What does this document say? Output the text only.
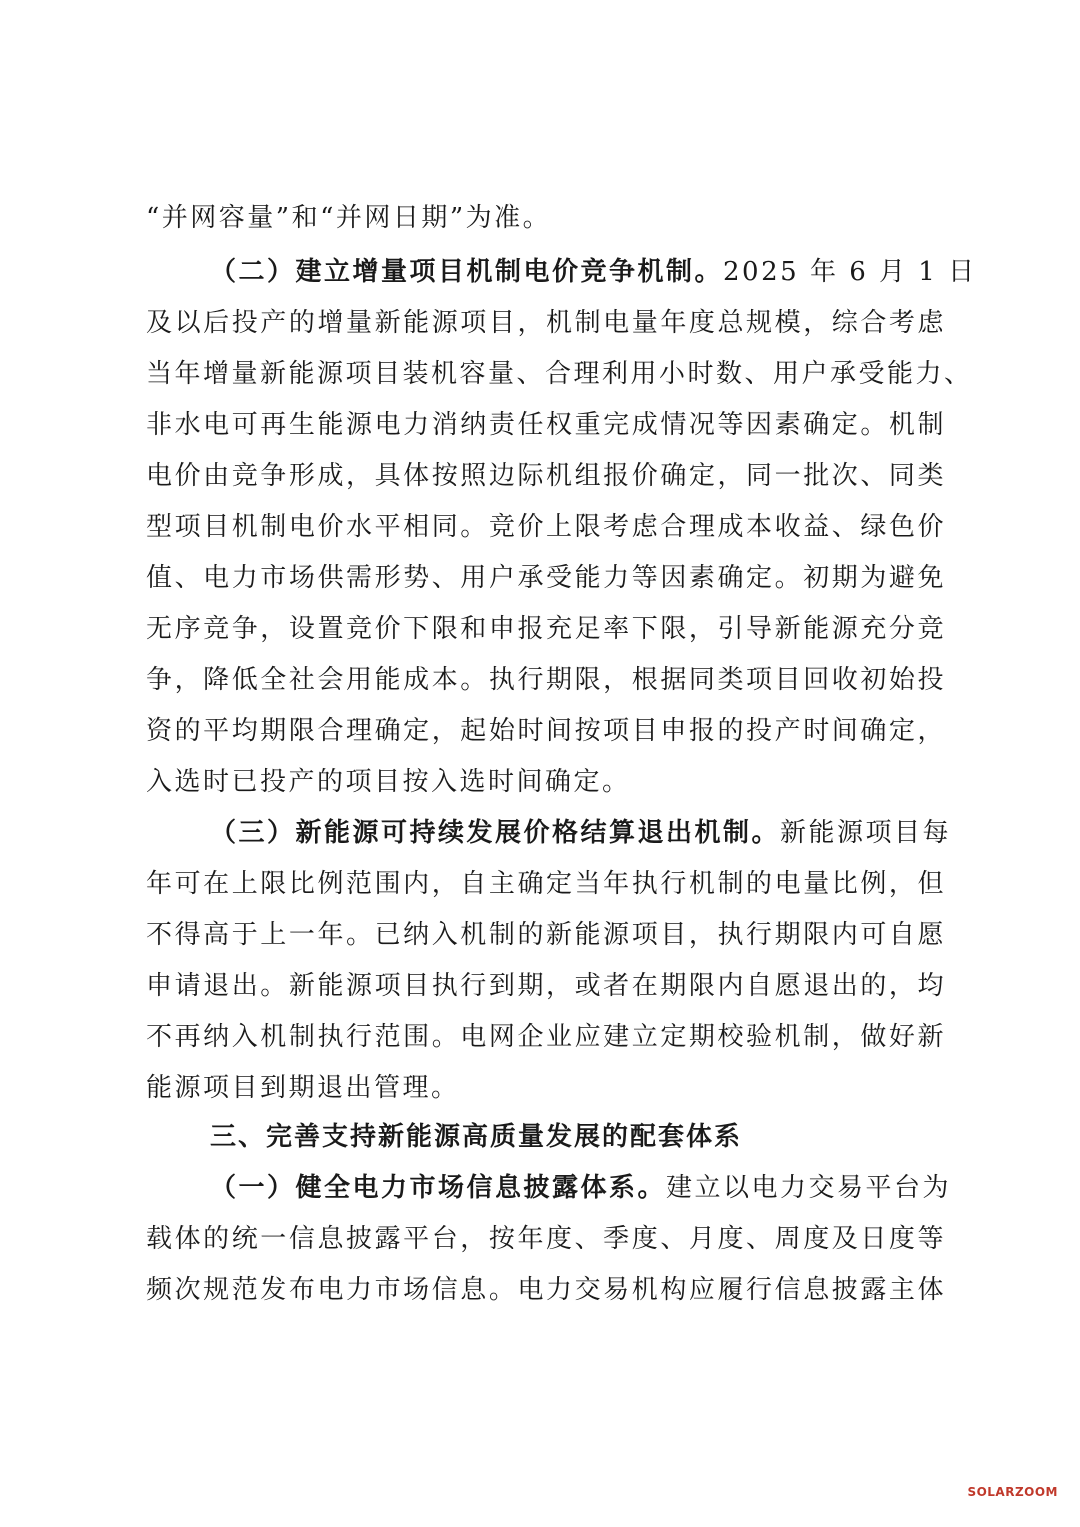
“并网容量”和“并网日期”为准。
（二）建立增量项目机制电价竞争机制。2025 年 6 月 1 日
及以后投产的增量新能源项目，机制电量年度总规模，综合考虑
当年增量新能源项目装机容量、合理利用小时数、用户承受能力、
非水电可再生能源电力消纳责任权重完成情况等因素确定。机制
电价由竞争形成，具体按照边际机组报价确定，同一批次、同类
型项目机制电价水平相同。竞价上限考虑合理成本收益、绿色价
值、电力市场供需形势、用户承受能力等因素确定。初期为避免
无序竞争，设置竞价下限和申报充足率下限，引导新能源充分竞
争，降低全社会用能成本。执行期限，根据同类项目回收初始投
资的平均期限合理确定，起始时间按项目申报的投产时间确定，
入选时已投产的项目按入选时间确定。
（三）新能源可持续发展价格结算退出机制。新能源项目每
年可在上限比例范围内，自主确定当年执行机制的电量比例，但
不得高于上一年。已纳入机制的新能源项目，执行期限内可自愿
申请退出。新能源项目执行到期，或者在期限内自愿退出的，均
不再纳入机制执行范围。电网企业应建立定期校验机制，做好新
能源项目到期退出管理。
三、完善支持新能源高质量发展的配套体系
（一）健全电力市场信息披露体系。建立以电力交易平台为
载体的统一信息披露平台，按年度、季度、月度、周度及日度等
频次规范发布电力市场信息。电力交易机构应履行信息披露主体
SOLARZOOM
